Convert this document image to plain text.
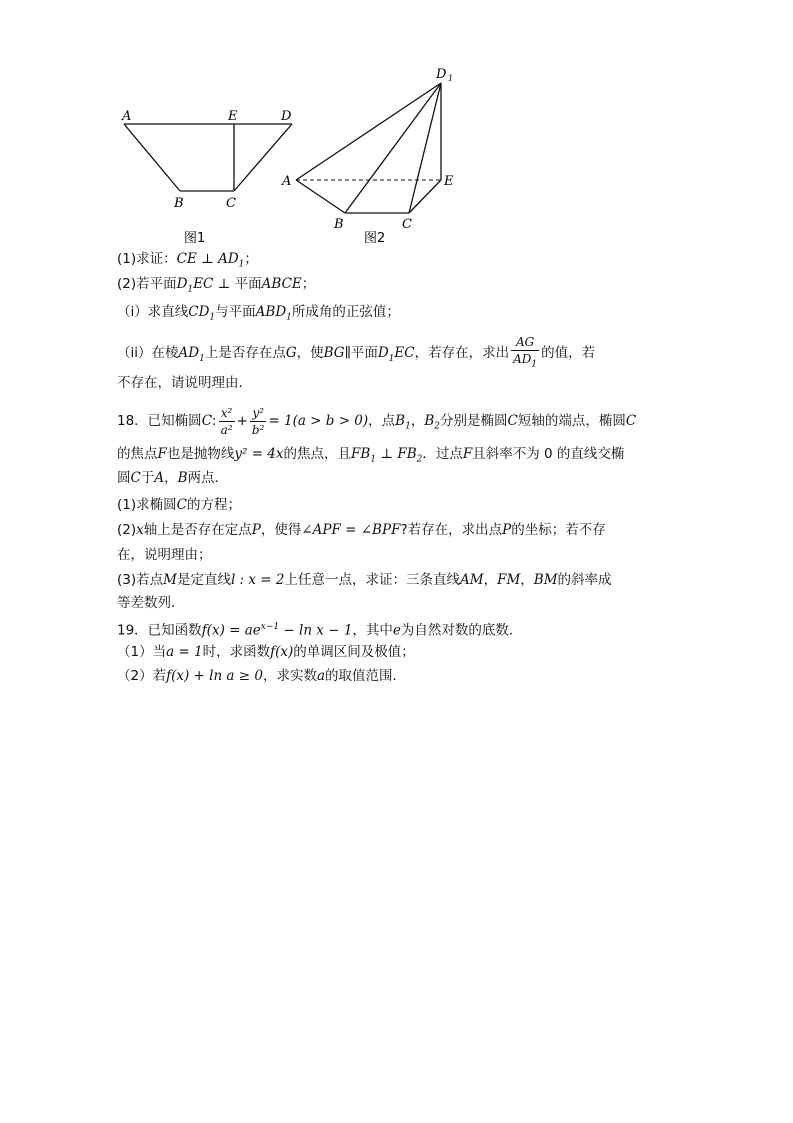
A	E	D
B	C
图1
D 1
A	E
B	C
图2
(1)求证：CE ⊥ $AD_1$；
(2)若平面$D_1EC$ ⊥ 平面ABCE；
（i）求直线$CD_1$与平面$ABD_1$所成角的正弦值；
（ii）在棱$AD_1$上是否存在点G，使BG∥平面$D_1EC$，若存在，求出 $\frac{AG}{AD_1}$ 的值，若
不存在，请说明理由．
18．已知椭圆C: $\frac{\text{x²}}{\text{a²}} + \frac{\text{y²}}{\text{b²}} = 1(a > b > 0)$，点$B_1$，$B_2$分别是椭圆C短轴的端点，椭圆C
的焦点F也是抛物线y² = 4x的焦点，且$FB_1$ ⊥ $FB_2$．过点F且斜率不为 0 的直线交椭
圆C于A，B两点．
(1)求椭圆C的方程；
(2)x轴上是否存在定点P，使得∠APF = ∠BPF?若存在，求出点P的坐标；若不存
在，说明理由；
(3)若点M是定直线l : x = 2上任意一点，求证：三条直线AM，FM，BM的斜率成
等差数列．
19．已知函数$f(x) = ae^{x-1} - \ln x - 1$，其中e为自然对数的底数．
（1）当a = 1时，求函数f(x)的单调区间及极值；
（2）若f(x) + ln a ≥ 0，求实数a的取值范围．
